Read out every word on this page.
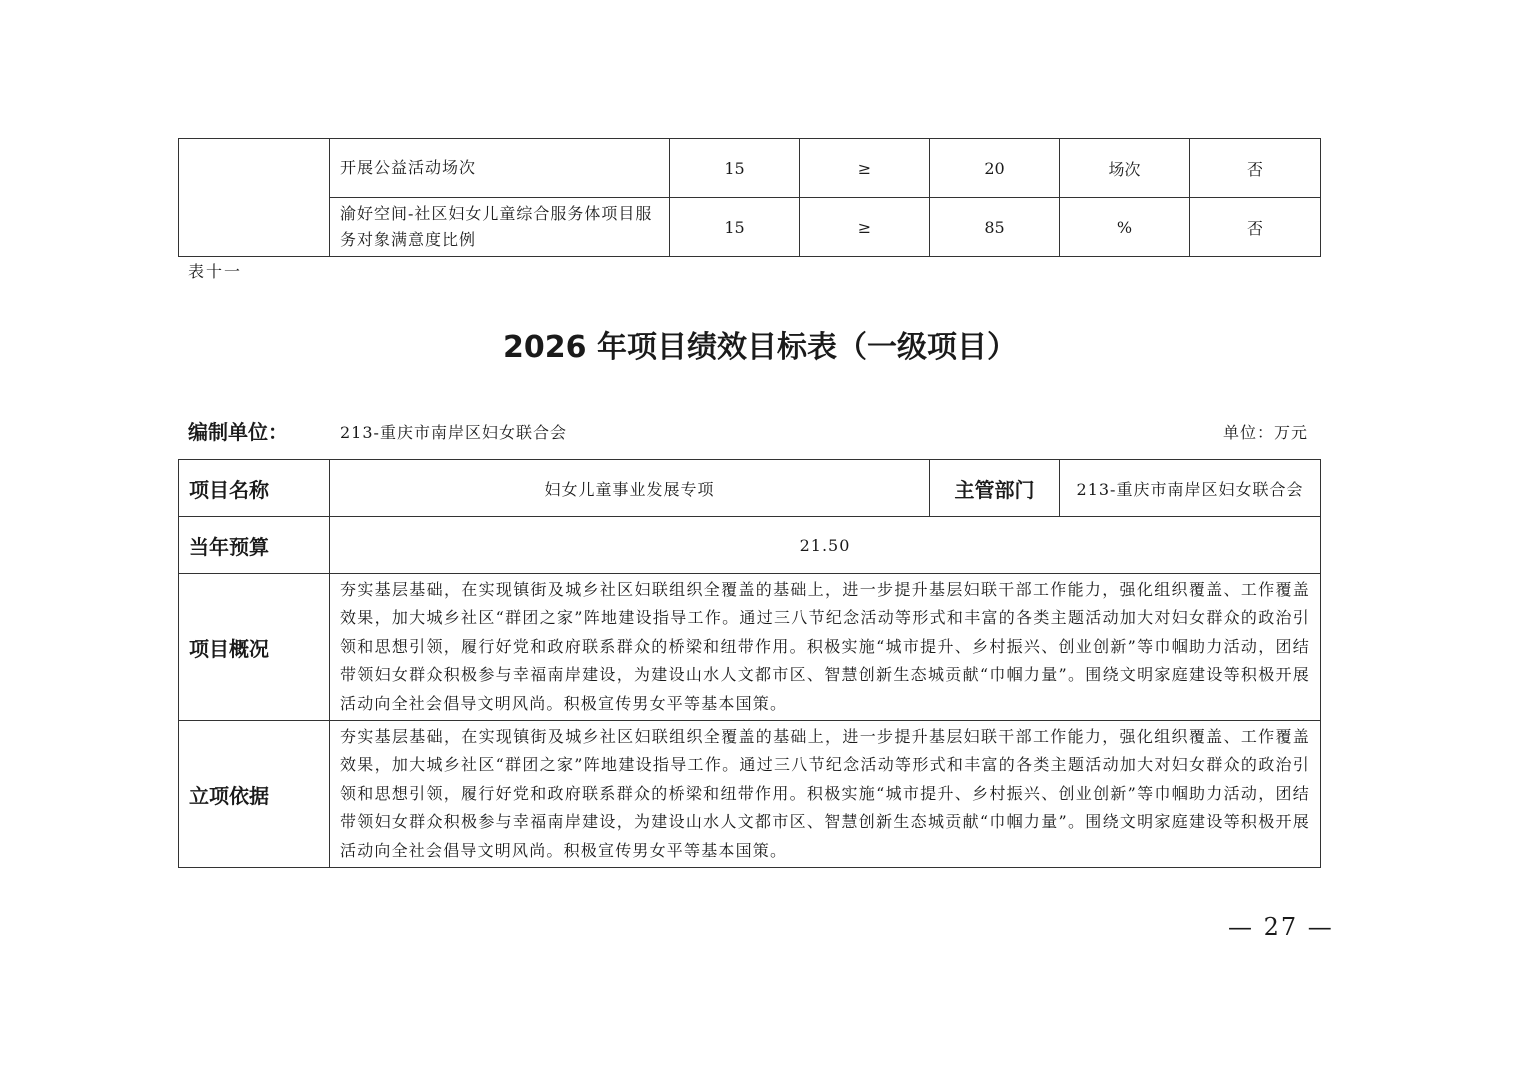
	开展公益活动场次	15	≥	20	场次	否
	渝好空间-社区妇女儿童综合服务体项目服务对象满意度比例	15	≥	85	%	否
表十一
2026 年项目绩效目标表（一级项目）
编制单位：	213-重庆市南岸区妇女联合会	单位：万元
项目名称	妇女儿童事业发展专项	主管部门	213-重庆市南岸区妇女联合会
当年预算	21.50		
项目概况	夯实基层基础，在实现镇街及城乡社区妇联组织全覆盖的基础上，进一步提升基层妇联干部工作能力，强化组织覆盖、工作覆盖效果，加大城乡社区“群团之家”阵地建设指导工作。通过三八节纪念活动等形式和丰富的各类主题活动加大对妇女群众的政治引领和思想引领，履行好党和政府联系群众的桥梁和纽带作用。积极实施“城市提升、乡村振兴、创业创新”等巾帼助力活动，团结带领妇女群众积极参与幸福南岸建设，为建设山水人文都市区、智慧创新生态城贡献“巾帼力量”。围绕文明家庭建设等积极开展活动向全社会倡导文明风尚。积极宣传男女平等基本国策。		
立项依据	夯实基层基础，在实现镇街及城乡社区妇联组织全覆盖的基础上，进一步提升基层妇联干部工作能力，强化组织覆盖、工作覆盖效果，加大城乡社区“群团之家”阵地建设指导工作。通过三八节纪念活动等形式和丰富的各类主题活动加大对妇女群众的政治引领和思想引领，履行好党和政府联系群众的桥梁和纽带作用。积极实施“城市提升、乡村振兴、创业创新”等巾帼助力活动，团结带领妇女群众积极参与幸福南岸建设，为建设山水人文都市区、智慧创新生态城贡献“巾帼力量”。围绕文明家庭建设等积极开展活动向全社会倡导文明风尚。积极宣传男女平等基本国策。		
— 27 —
